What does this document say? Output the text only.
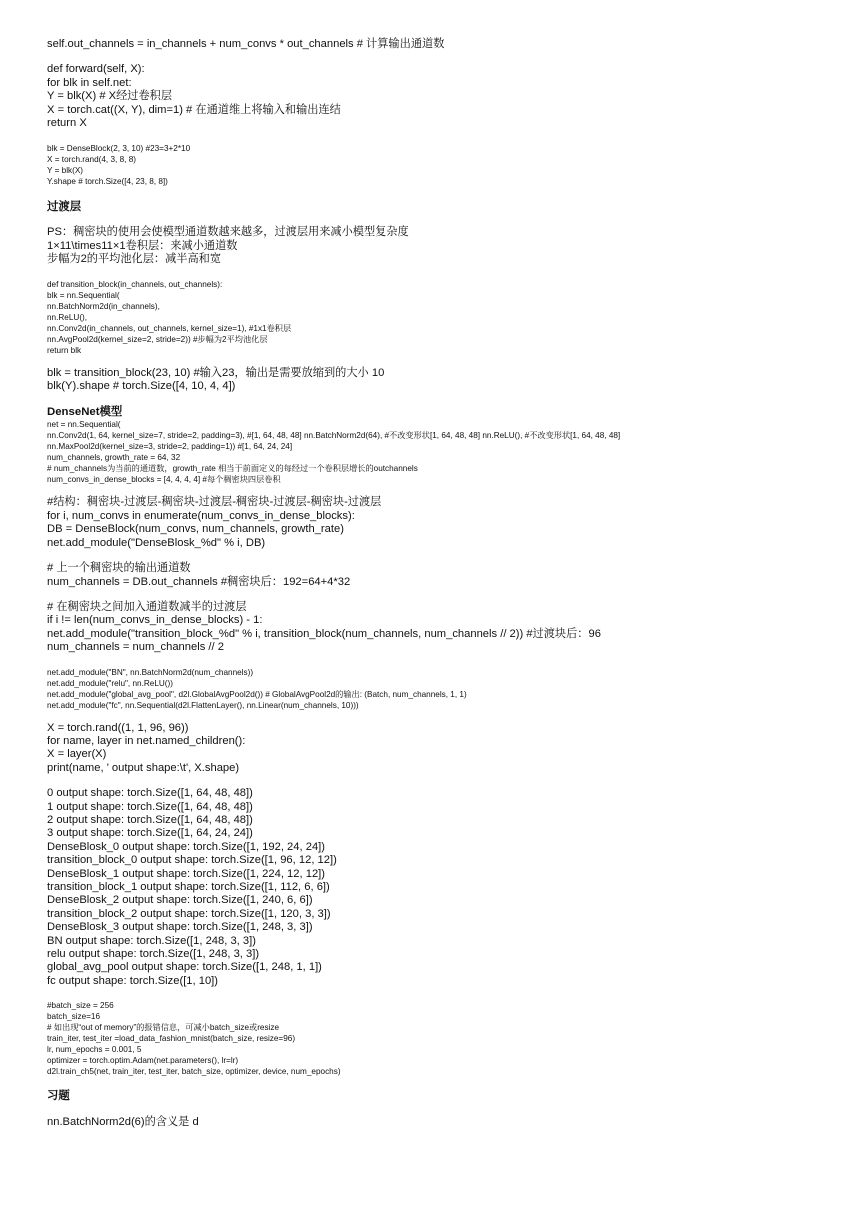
self.out_channels = in_channels + num_convs * out_channels # 计算输出通道数
def forward(self, X):
for blk in self.net:
Y = blk(X) # X经过卷积层
X = torch.cat((X, Y), dim=1) # 在通道维上将输入和输出连结
return X
blk = DenseBlock(2, 3, 10) #23=3+2*10
X = torch.rand(4, 3, 8, 8)
Y = blk(X)
Y.shape # torch.Size([4, 23, 8, 8])
过渡层
PS：稠密块的使用会使模型通道数越来越多，过渡层用来减小模型复杂度
1×11\times11×1卷积层：来减小通道数
步幅为2的平均池化层：减半高和宽
def transition_block(in_channels, out_channels):
blk = nn.Sequential(
nn.BatchNorm2d(in_channels),
nn.ReLU(),
nn.Conv2d(in_channels, out_channels, kernel_size=1), #1x1卷积层
nn.AvgPool2d(kernel_size=2, stride=2)) #步幅为2平均池化层
return blk
blk = transition_block(23, 10) #输入23，输出是需要放缩到的大小 10
blk(Y).shape # torch.Size([4, 10, 4, 4])
DenseNet模型
net = nn.Sequential(
nn.Conv2d(1, 64, kernel_size=7, stride=2, padding=3), #[1, 64, 48, 48] nn.BatchNorm2d(64), #不改变形状[1, 64, 48, 48] nn.ReLU(), #不改变形状[1, 64, 48, 48]
nn.MaxPool2d(kernel_size=3, stride=2, padding=1)) #[1, 64, 24, 24]
num_channels, growth_rate = 64, 32
# num_channels为当前的通道数，growth_rate 相当于前面定义的每经过一个卷积层增长的outchannels
num_convs_in_dense_blocks = [4, 4, 4, 4] #每个稠密块四层卷积
#结构：稠密块-过渡层-稠密块-过渡层-稠密块-过渡层-稠密块-过渡层
for i, num_convs in enumerate(num_convs_in_dense_blocks):
DB = DenseBlock(num_convs, num_channels, growth_rate)
net.add_module("DenseBlosk_%d" % i, DB)
# 上一个稠密块的输出通道数
num_channels = DB.out_channels #稠密块后：192=64+4*32
# 在稠密块之间加入通道数减半的过渡层
if i != len(num_convs_in_dense_blocks) - 1:
net.add_module("transition_block_%d" % i, transition_block(num_channels, num_channels // 2)) #过渡块后：96
num_channels = num_channels // 2
net.add_module("BN", nn.BatchNorm2d(num_channels))
net.add_module("relu", nn.ReLU())
net.add_module("global_avg_pool", d2l.GlobalAvgPool2d()) # GlobalAvgPool2d的输出: (Batch, num_channels, 1, 1)
net.add_module("fc", nn.Sequential(d2l.FlattenLayer(), nn.Linear(num_channels, 10)))
X = torch.rand((1, 1, 96, 96))
for name, layer in net.named_children():
X = layer(X)
print(name, ' output shape:\t', X.shape)
0 output shape: torch.Size([1, 64, 48, 48])
1 output shape: torch.Size([1, 64, 48, 48])
2 output shape: torch.Size([1, 64, 48, 48])
3 output shape: torch.Size([1, 64, 24, 24])
DenseBlosk_0 output shape: torch.Size([1, 192, 24, 24])
transition_block_0 output shape: torch.Size([1, 96, 12, 12])
DenseBlosk_1 output shape: torch.Size([1, 224, 12, 12])
transition_block_1 output shape: torch.Size([1, 112, 6, 6])
DenseBlosk_2 output shape: torch.Size([1, 240, 6, 6])
transition_block_2 output shape: torch.Size([1, 120, 3, 3])
DenseBlosk_3 output shape: torch.Size([1, 248, 3, 3])
BN output shape: torch.Size([1, 248, 3, 3])
relu output shape: torch.Size([1, 248, 3, 3])
global_avg_pool output shape: torch.Size([1, 248, 1, 1])
fc output shape: torch.Size([1, 10])
#batch_size = 256
batch_size=16
# 如出现“out of memory”的报错信息，可减小batch_size或resize
train_iter, test_iter =load_data_fashion_mnist(batch_size, resize=96)
lr, num_epochs = 0.001, 5
optimizer = torch.optim.Adam(net.parameters(), lr=lr)
d2l.train_ch5(net, train_iter, test_iter, batch_size, optimizer, device, num_epochs)
习题
nn.BatchNorm2d(6)的含义是 d
